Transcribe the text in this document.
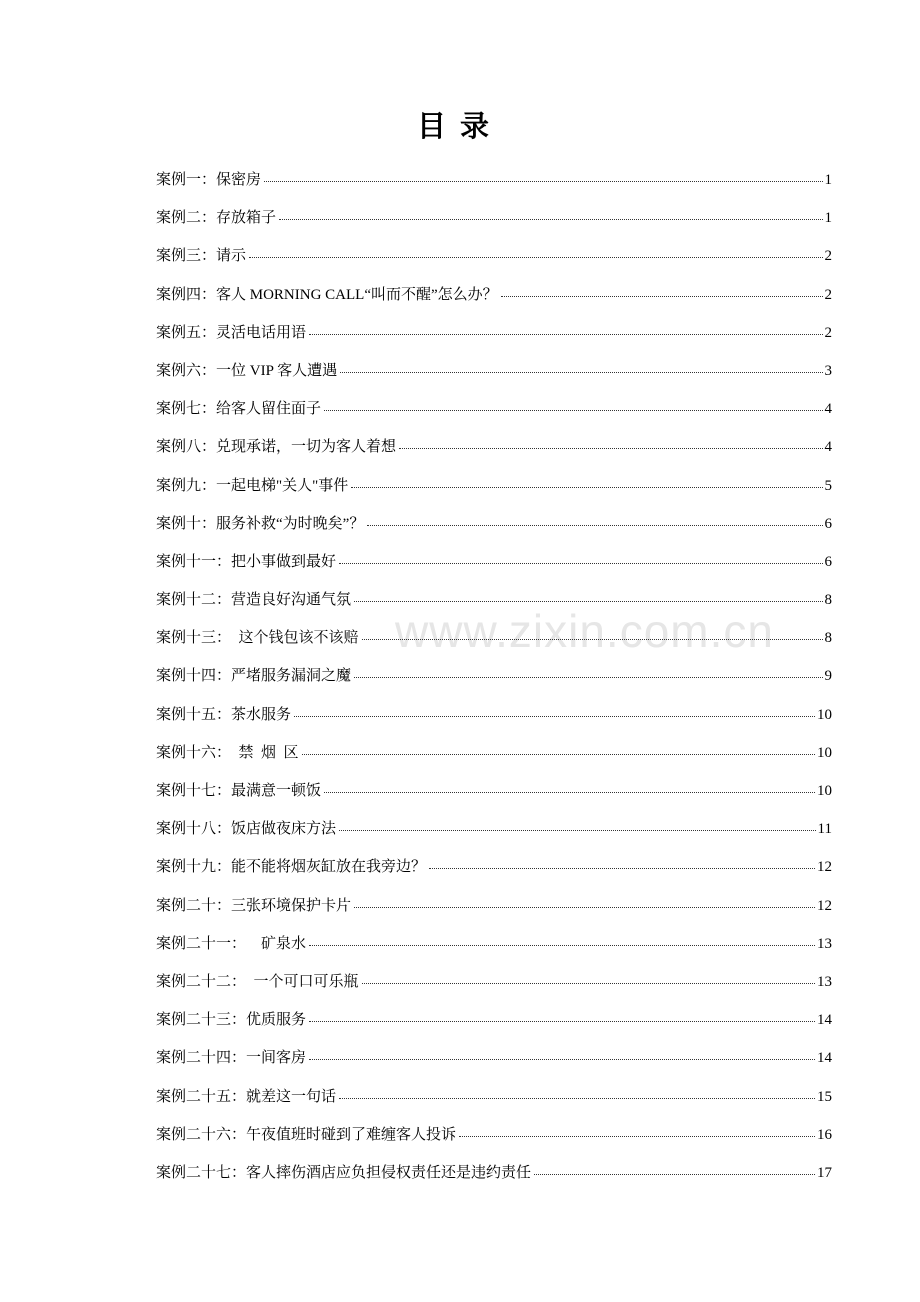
www.zixin.com.cn
目录
案例一：保密房	1
案例二：存放箱子	1
案例三：请示	2
案例四：客人 MORNING CALL“叫而不醒”怎么办？	2
案例五：灵活电话用语	2
案例六：一位 VIP 客人遭遇	3
案例七：给客人留住面子	4
案例八：兑现承诺，一切为客人着想	4
案例九：一起电梯"关人"事件	5
案例十：服务补救“为时晚矣”？	6
案例十一：把小事做到最好	6
案例十二：营造良好沟通气氛	8
案例十三：  这个钱包该不该赔	8
案例十四：严堵服务漏洞之魔	9
案例十五：茶水服务	10
案例十六：  禁  烟  区	10
案例十七：最满意一顿饭	10
案例十八：饭店做夜床方法	11
案例十九：能不能将烟灰缸放在我旁边？	12
案例二十：三张环境保护卡片	12
案例二十一：    矿泉水	13
案例二十二：  一个可口可乐瓶	13
案例二十三：优质服务	14
案例二十四：一间客房	14
案例二十五：就差这一句话	15
案例二十六：午夜值班时碰到了难缠客人投诉	16
案例二十七：客人摔伤酒店应负担侵权责任还是违约责任	17
